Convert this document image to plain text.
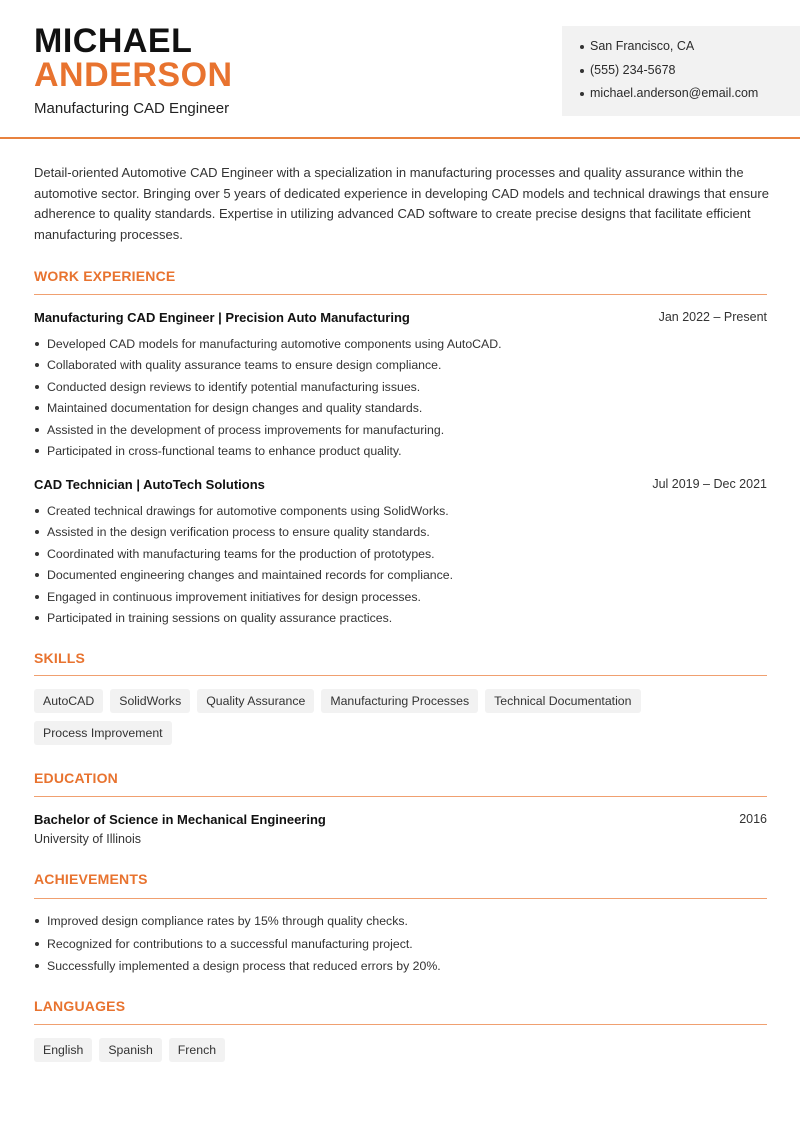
MICHAEL
ANDERSON
Manufacturing CAD Engineer
San Francisco, CA
(555) 234-5678
michael.anderson@email.com
Detail-oriented Automotive CAD Engineer with a specialization in manufacturing processes and quality assurance within the automotive sector. Bringing over 5 years of dedicated experience in developing CAD models and technical drawings that ensure adherence to quality standards. Expertise in utilizing advanced CAD software to create precise designs that facilitate efficient manufacturing processes.
WORK EXPERIENCE
Manufacturing CAD Engineer | Precision Auto Manufacturing	Jan 2022 – Present
Developed CAD models for manufacturing automotive components using AutoCAD.
Collaborated with quality assurance teams to ensure design compliance.
Conducted design reviews to identify potential manufacturing issues.
Maintained documentation for design changes and quality standards.
Assisted in the development of process improvements for manufacturing.
Participated in cross-functional teams to enhance product quality.
CAD Technician | AutoTech Solutions	Jul 2019 – Dec 2021
Created technical drawings for automotive components using SolidWorks.
Assisted in the design verification process to ensure quality standards.
Coordinated with manufacturing teams for the production of prototypes.
Documented engineering changes and maintained records for compliance.
Engaged in continuous improvement initiatives for design processes.
Participated in training sessions on quality assurance practices.
SKILLS
AutoCAD	SolidWorks	Quality Assurance	Manufacturing Processes	Technical Documentation
Process Improvement
EDUCATION
Bachelor of Science in Mechanical Engineering	2016
University of Illinois
ACHIEVEMENTS
Improved design compliance rates by 15% through quality checks.
Recognized for contributions to a successful manufacturing project.
Successfully implemented a design process that reduced errors by 20%.
LANGUAGES
English	Spanish	French
